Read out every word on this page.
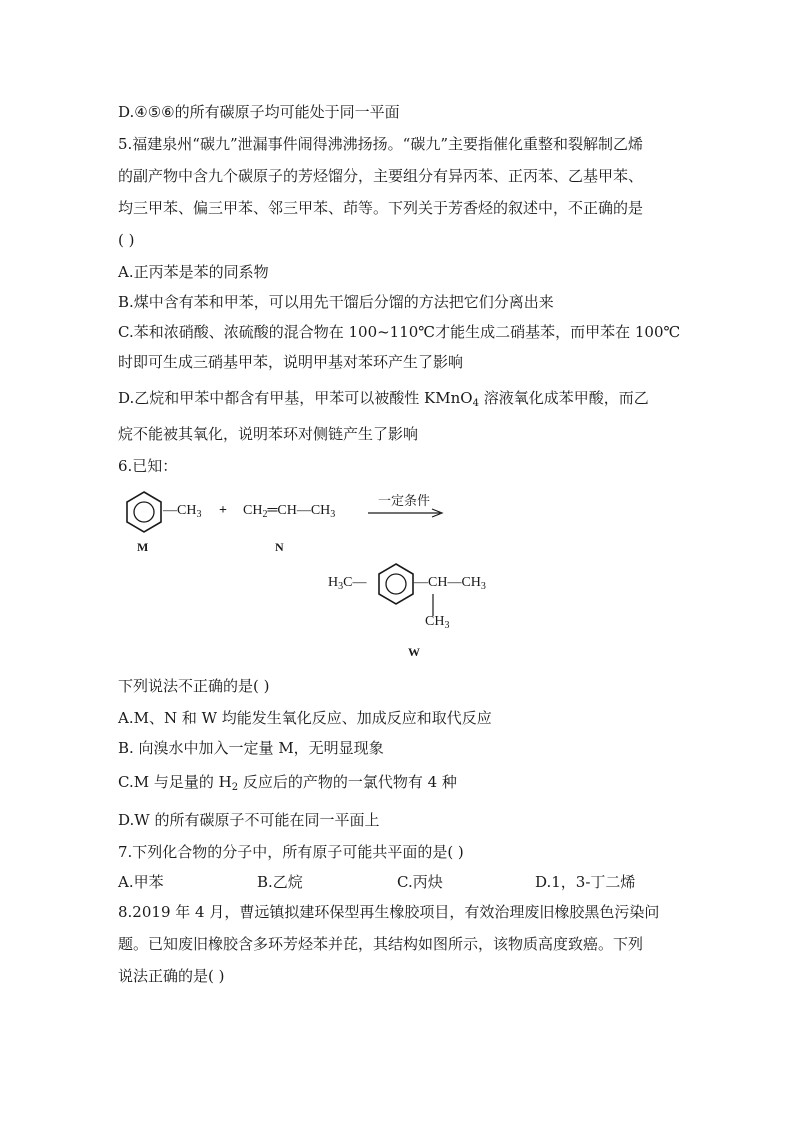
D.④⑤⑥的所有碳原子均可能处于同一平面
5.福建泉州“碳九”泄漏事件闹得沸沸扬扬。“碳九”主要指催化重整和裂解制乙烯
的副产物中含九个碳原子的芳烃馏分，主要组分有异丙苯、正丙苯、乙基甲苯、
均三甲苯、偏三甲苯、邻三甲苯、茚等。下列关于芳香烃的叙述中，不正确的是
( )
A.正丙苯是苯的同系物
B.煤中含有苯和甲苯，可以用先干馏后分馏的方法把它们分离出来
C.苯和浓硝酸、浓硫酸的混合物在 100~110℃才能生成二硝基苯，而甲苯在 100℃
时即可生成三硝基甲苯，说明甲基对苯环产生了影响
D.乙烷和甲苯中都含有甲基，甲苯可以被酸性 KMnO$_4$ 溶液氧化成苯甲酸，而乙
烷不能被其氧化，说明苯环对侧链产生了影响
6.已知：
$—CH_3$
M
+ $CH_2═CH—CH_3$
N
一定条件
$H_3C—$	$—CH—CH_3$
$CH_3$
W
下列说法不正确的是( )
A.M、N 和 W 均能发生氧化反应、加成反应和取代反应
B. 向溴水中加入一定量 M，无明显现象
C.M 与足量的 $H_2$ 反应后的产物的一氯代物有 4 种
D.W 的所有碳原子不可能在同一平面上
7.下列化合物的分子中，所有原子可能共平面的是( )
A.甲苯	B.乙烷	C.丙炔	D.1，3-丁二烯
8.2019 年 4 月，曹远镇拟建环保型再生橡胶项目，有效治理废旧橡胶黑色污染问
题。已知废旧橡胶含多环芳烃苯并芘，其结构如图所示，该物质高度致癌。下列
说法正确的是( )
